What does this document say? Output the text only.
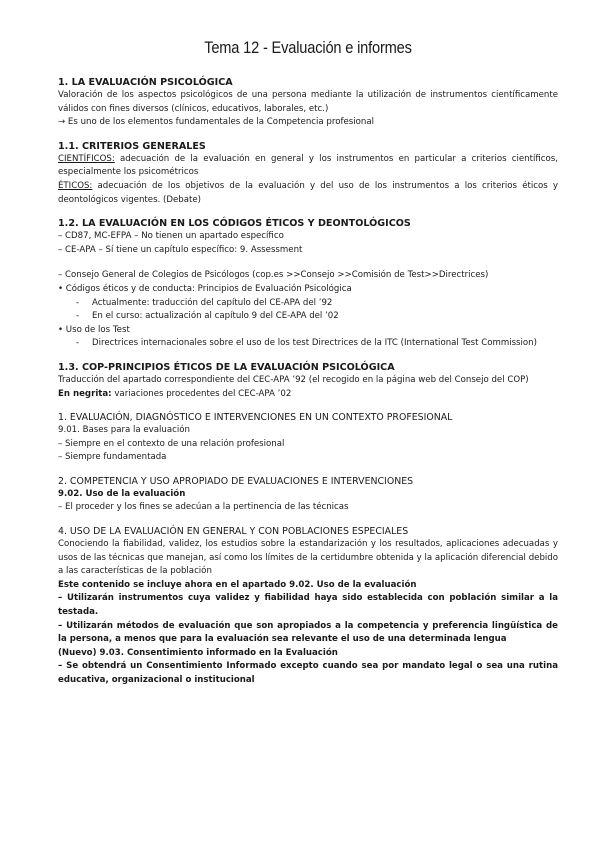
Tema 12 - Evaluación e informes

1. LA EVALUACIÓN PSICOLÓGICA

Valoración de los aspectos psicológicos de una persona mediante la utilización de instrumentos científicamente válidos con fines diversos (clínicos, educativos, laborales, etc.)

→ Es uno de los elementos fundamentales de la Competencia profesional

1.1. CRITERIOS GENERALES

CIENTÍFICOS: adecuación de la evaluación en general y los instrumentos en particular a criterios científicos, especialmente los psicométricos

ÉTICOS: adecuación de los objetivos de la evaluación y del uso de los instrumentos a los criterios éticos y deontológicos vigentes. (Debate)

1.2. LA EVALUACIÓN EN LOS CÓDIGOS ÉTICOS Y DEONTOLÓGICOS

– CD87, MC-EFPA – No tienen un apartado específico

– CE-APA – Sí tiene un capítulo específico: 9. Assessment

– Consejo General de Colegios de Psicólogos (cop.es >>Consejo >>Comisión de Test>>Directrices)

• Códigos éticos y de conducta: Principios de Evaluación Psicológica

- Actualmente: traducción del capítulo del CE-APA del ’92

- En el curso: actualización al capítulo 9 del CE-APA del ’02

• Uso de los Test

- Directrices internacionales sobre el uso de los test Directrices de la ITC (International Test Commission)

1.3. COP-PRINCIPIOS ÉTICOS DE LA EVALUACIÓN PSICOLÓGICA

Traducción del apartado correspondiente del CEC-APA ’92 (el recogido en la página web del Consejo del COP)

En negrita: variaciones procedentes del CEC-APA ’02

1. EVALUACIÓN, DIAGNÓSTICO E INTERVENCIONES EN UN CONTEXTO PROFESIONAL

9.01. Bases para la evaluación

– Siempre en el contexto de una relación profesional

– Siempre fundamentada

2. COMPETENCIA Y USO APROPIADO DE EVALUACIONES E INTERVENCIONES

9.02. Uso de la evaluación

– El proceder y los fines se adecúan a la pertinencia de las técnicas

4. USO DE LA EVALUACIÓN EN GENERAL Y CON POBLACIONES ESPECIALES

Conociendo la fiabilidad, validez, los estudios sobre la estandarización y los resultados, aplicaciones adecuadas y usos de las técnicas que manejan, así como los límites de la certidumbre obtenida y la aplicación diferencial debido a las características de la población

Este contenido se incluye ahora en el apartado 9.02. Uso de la evaluación

– Utilizarán instrumentos cuya validez y fiabilidad haya sido establecida con población similar a la testada.

– Utilizarán métodos de evaluación que son apropiados a la competencia y preferencia lingüística de la persona, a menos que para la evaluación sea relevante el uso de una determinada lengua

(Nuevo) 9.03. Consentimiento informado en la Evaluación

– Se obtendrá un Consentimiento Informado excepto cuando sea por mandato legal o sea una rutina educativa, organizacional o institucional
